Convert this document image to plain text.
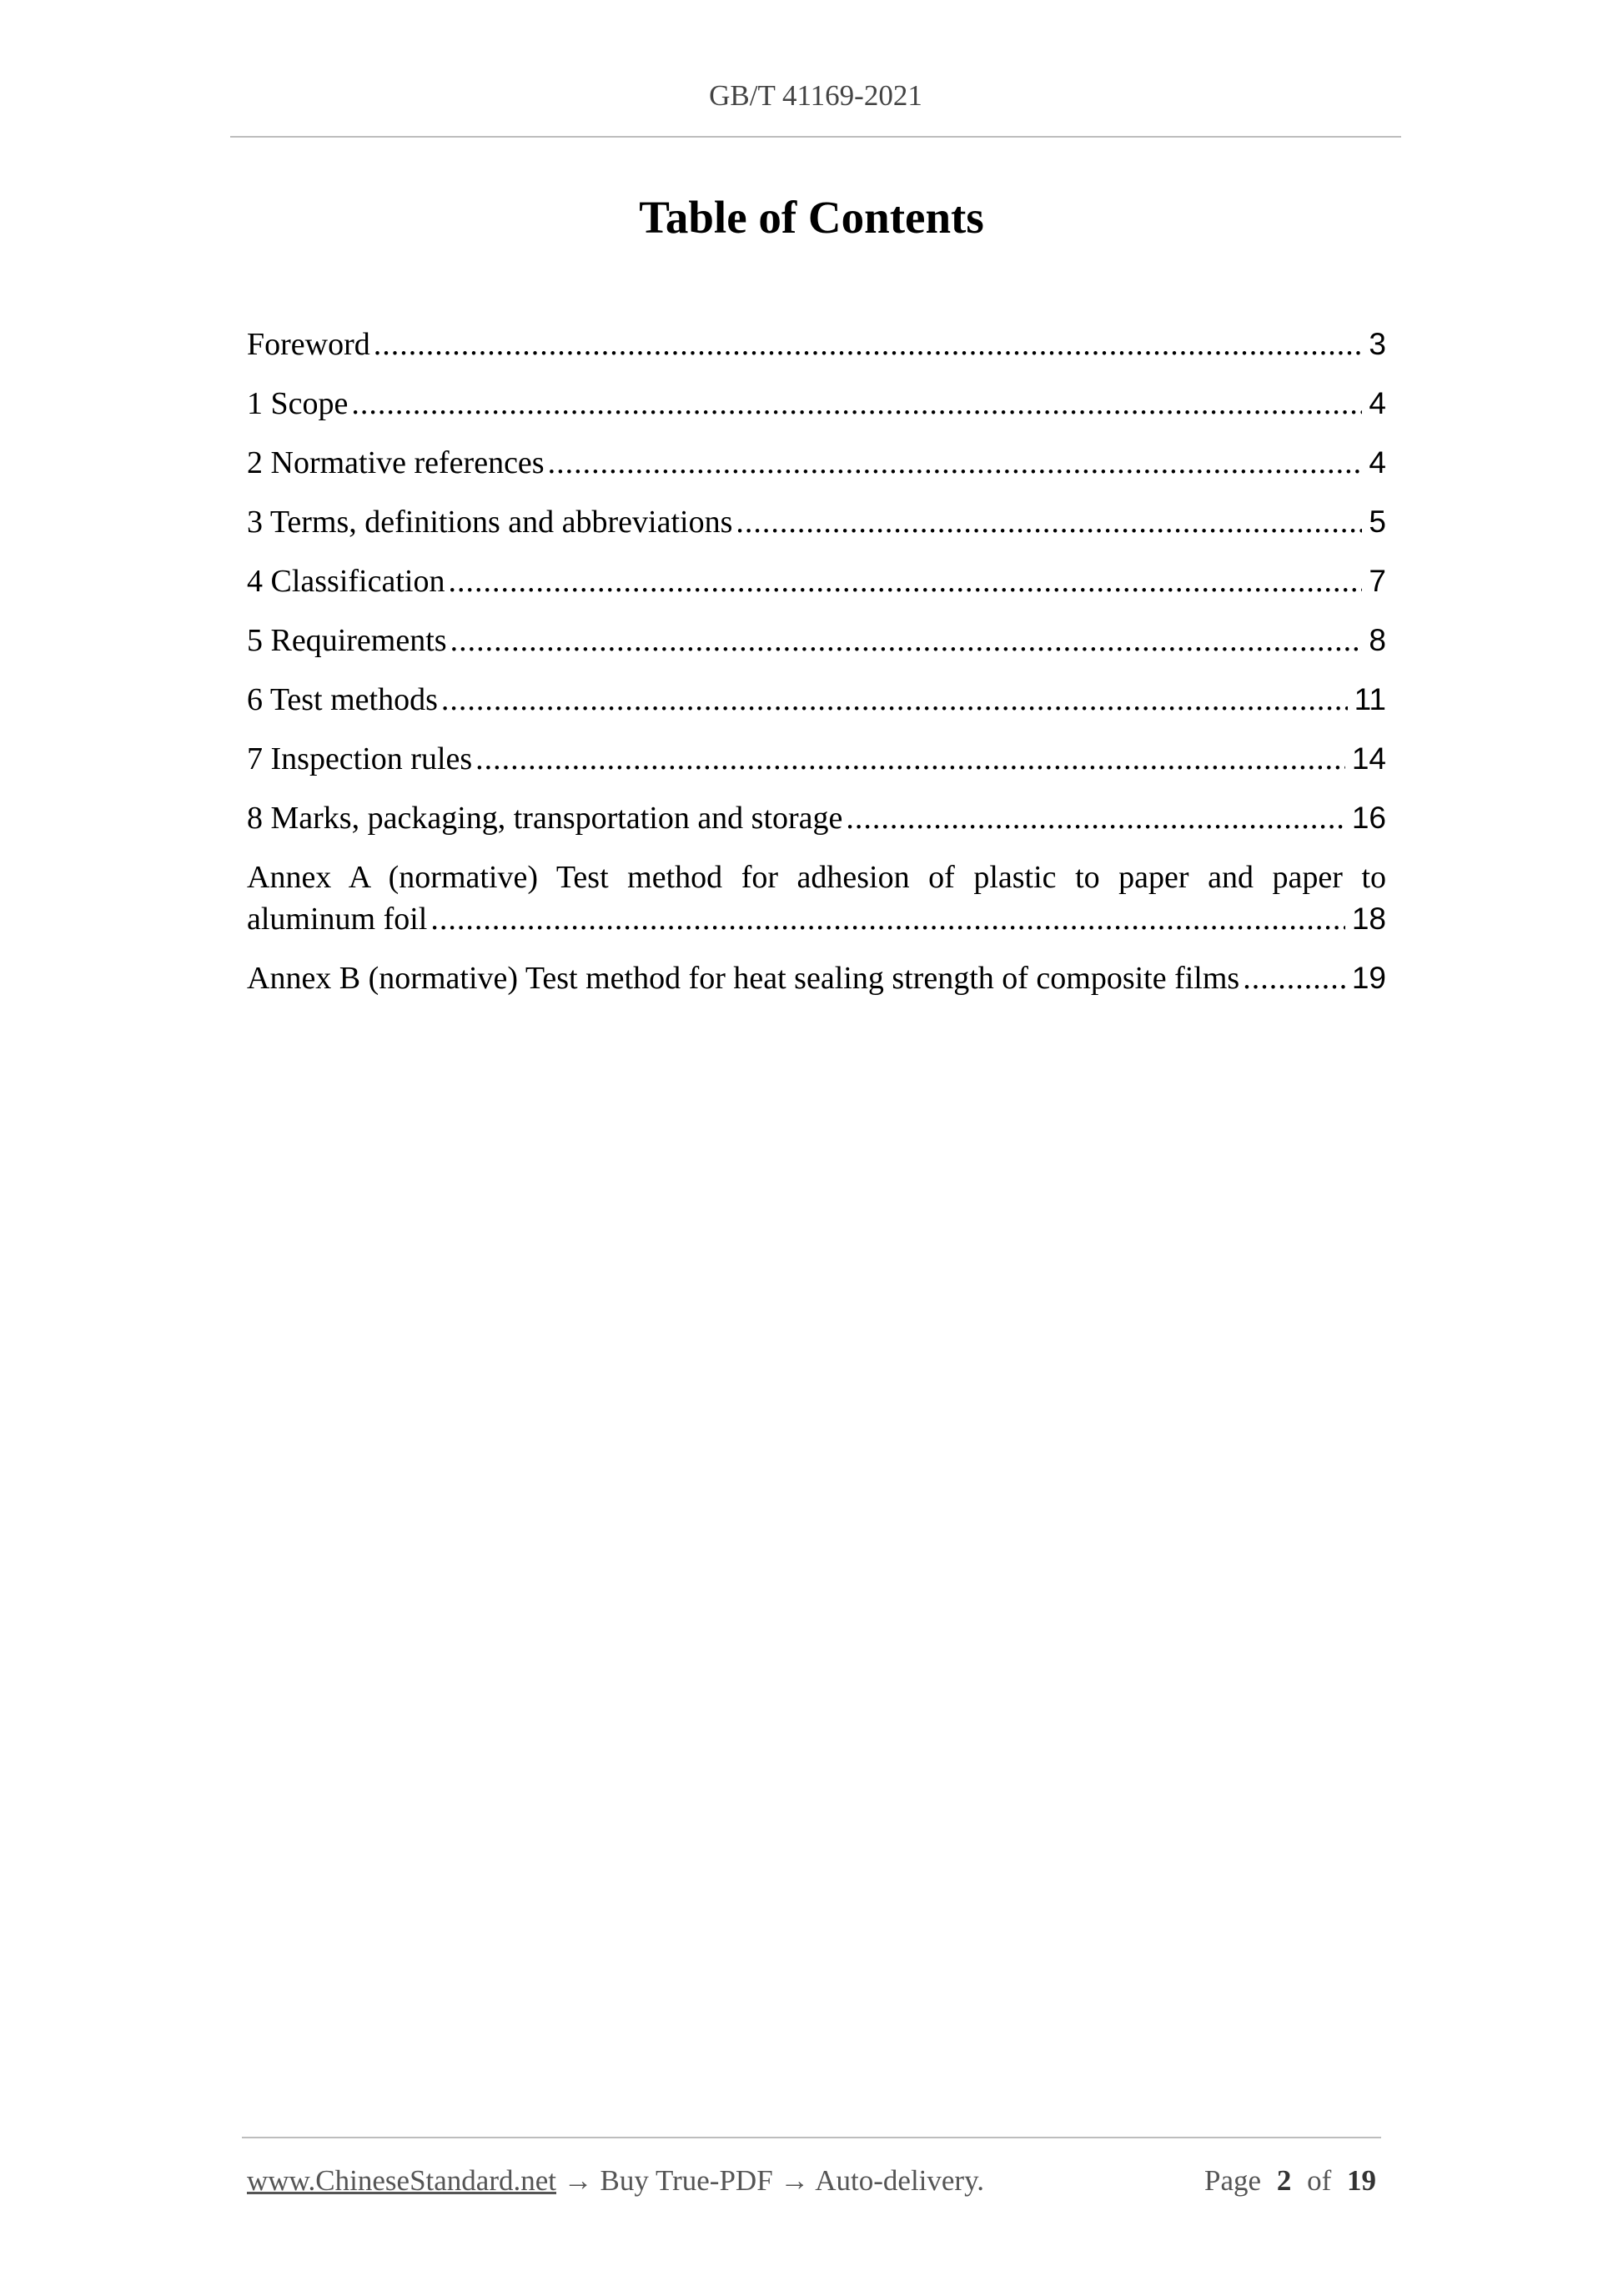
GB/T 41169-2021
Table of Contents
Foreword .....	3
1 Scope .....	4
2 Normative references .....	4
3 Terms, definitions and abbreviations .....	5
4 Classification .....	7
5 Requirements .....	8
6 Test methods .....	11
7 Inspection rules .....	14
8 Marks, packaging, transportation and storage .....	16
Annex A (normative) Test method for adhesion of plastic to paper and paper to
aluminum foil .....	18
Annex B (normative) Test method for heat sealing strength of composite films .....	19
www.ChineseStandard.net → Buy True-PDF → Auto-delivery.	Page 2 of 19
